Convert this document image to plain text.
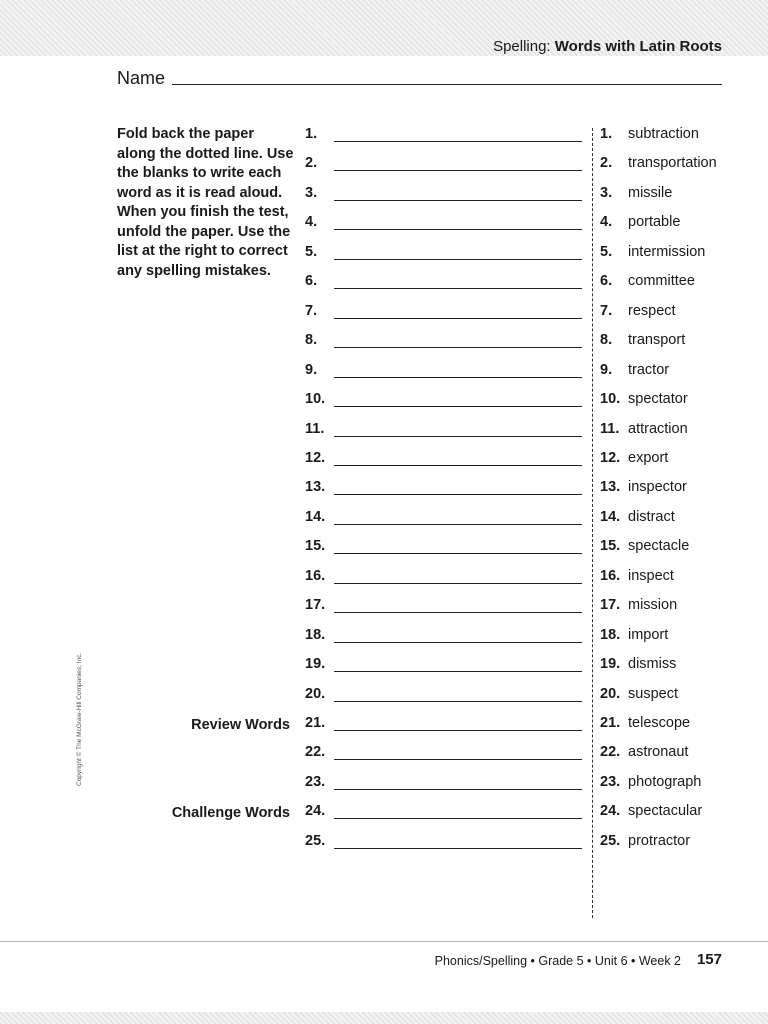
Spelling: Words with Latin Roots
Name

Fold back the paper along the dotted line. Use the blanks to write each word as it is read aloud. When you finish the test, unfold the paper. Use the list at the right to correct any spelling mistakes.

1.
2.
3.
4.
5.
6.
7.
8.
9.
10.
11.
12.
13.
14.
15.
16.
17.
18.
19.
20.
21.
22.
23.
24.
25.
Review Words
Challenge Words
1. subtraction
2. transportation
3. missile
4. portable
5. intermission
6. committee
7. respect
8. transport
9. tractor
10. spectator
11. attraction
12. export
13. inspector
14. distract
15. spectacle
16. inspect
17. mission
18. import
19. dismiss
20. suspect
21. telescope
22. astronaut
23. photograph
24. spectacular
25. protractor
Copyright © The McGraw-Hill Companies, Inc.
Phonics/Spelling • Grade 5 • Unit 6 • Week 2 157
